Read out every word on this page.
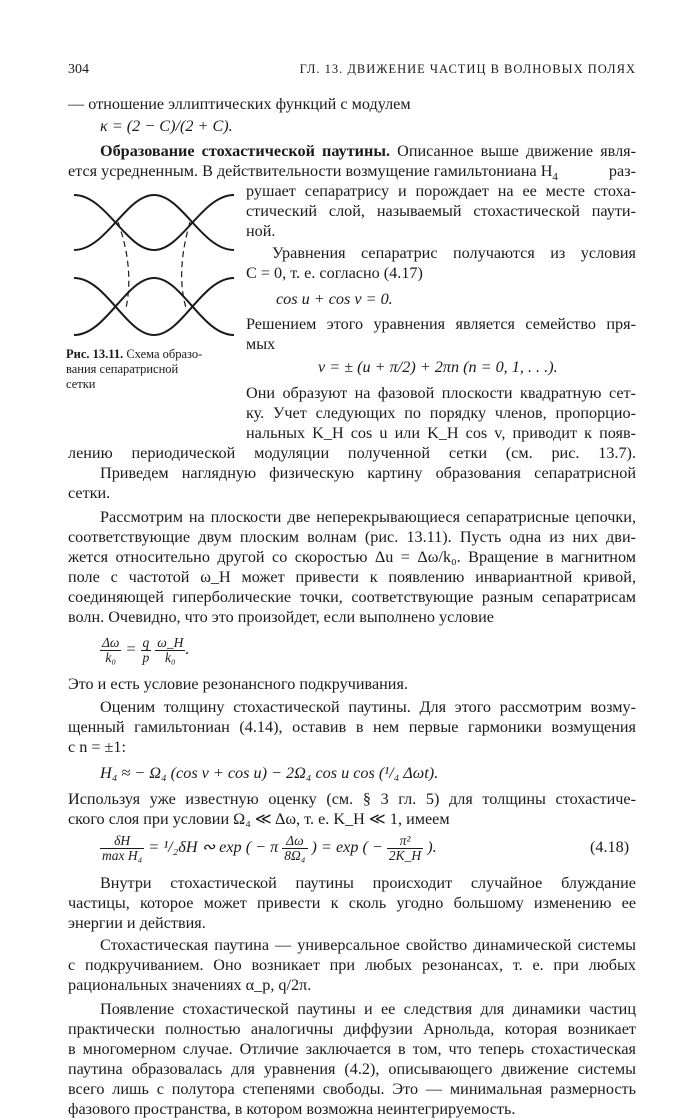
304	ГЛ. 13. ДВИЖЕНИЕ ЧАСТИЦ В ВОЛНОВЫХ ПОЛЯХ
— отношение эллиптических функций с модулем
κ = (2 − C)/(2 + C).
Образование стохастической паутины. Описанное выше движение явля-
ется усредненным. В действительности возмущение гамильтониана $H_4$	раз-
рушает сепаратрису и порождает на ее месте стоха-
стический слой, называемый стохастической паути-
ной.
Уравнения сепаратрис получаются из условия
C = 0, т. е. согласно (4.17)
cos u + cos v = 0.
Решением этого уравнения является семейство пря-
мых
v = ± (u + π/2) + 2πn (n = 0, 1, . . .).
Они образуют на фазовой плоскости квадратную сет-
ку. Учет следующих по порядку членов, пропорцио-
нальных K_H cos u или K_H cos v, приводит к появ-
лению периодической модуляции полученной сетки (см. рис. 13.7).
Рис. 13.11. Схема образо-
вания сепаратрисной
сетки
Приведем наглядную физическую картину образования сепаратрисной
сетки.
Рассмотрим на плоскости две неперекрывающиеся сепаратрисные цепочки,
соответствующие двум плоским волнам (рис. 13.11). Пусть одна из них дви-
жется относительно другой со скоростью Δu = Δω/k₀. Вращение в магнитном
поле с частотой ω_H может привести к появлению инвариантной кривой,
соединяющей гиперболические точки, соответствующие разным сепаратрисам
волн. Очевидно, что это произойдет, если выполнено условие
$\frac{\Delta\omega}{\text{k₀}} = \frac{q}{p}$
$\frac{\omega\_H}{\text{k₀}}$ .
Это и есть условие резонансного подкручивания.
Оценим толщину стохастической паутины. Для этого рассмотрим возму-
щенный гамильтониан (4.14), оставив в нем первые гармоники возмущения
с n = ±1:
H₄ ≈ − Ω₄ (cos v + cos u) − 2Ω₄ cos u cos (¹/₄ Δωt).
Используя уже известную оценку (см. § 3 гл. 5) для толщины стохастиче-
ского слоя при условии Ω₄ ≪ Δω, т. е. K_H ≪ 1, имеем
$\frac{\delta H}{\text{max H₄}} = ^1/_2\delta H$ ∾ exp ( − π $\frac{\Delta\omega}{\text{8Ω₄}}$ ) = exp ( − $\frac{\text{π²}}{2K\_H}$ ).	(4.18)
Внутри стохастической паутины происходит случайное блуждание
частицы, которое может привести к сколь угодно большому изменению ее
энергии и действия.
Стохастическая паутина — универсальное свойство динамической системы
с подкручиванием. Оно возникает при любых резонансах, т. е. при любых
рациональных значениях α_p, q/2π.
Появление стохастической паутины и ее следствия для динамики частиц
практически полностью аналогичны диффузии Арнольда, которая возникает
в многомерном случае. Отличие заключается в том, что теперь стохастическая
паутина образовалась для уравнения (4.2), описывающего движение системы
всего лишь с полутора степенями свободы. Это — минимальная размерность
фазового пространства, в котором возможна неинтегрируемость.
